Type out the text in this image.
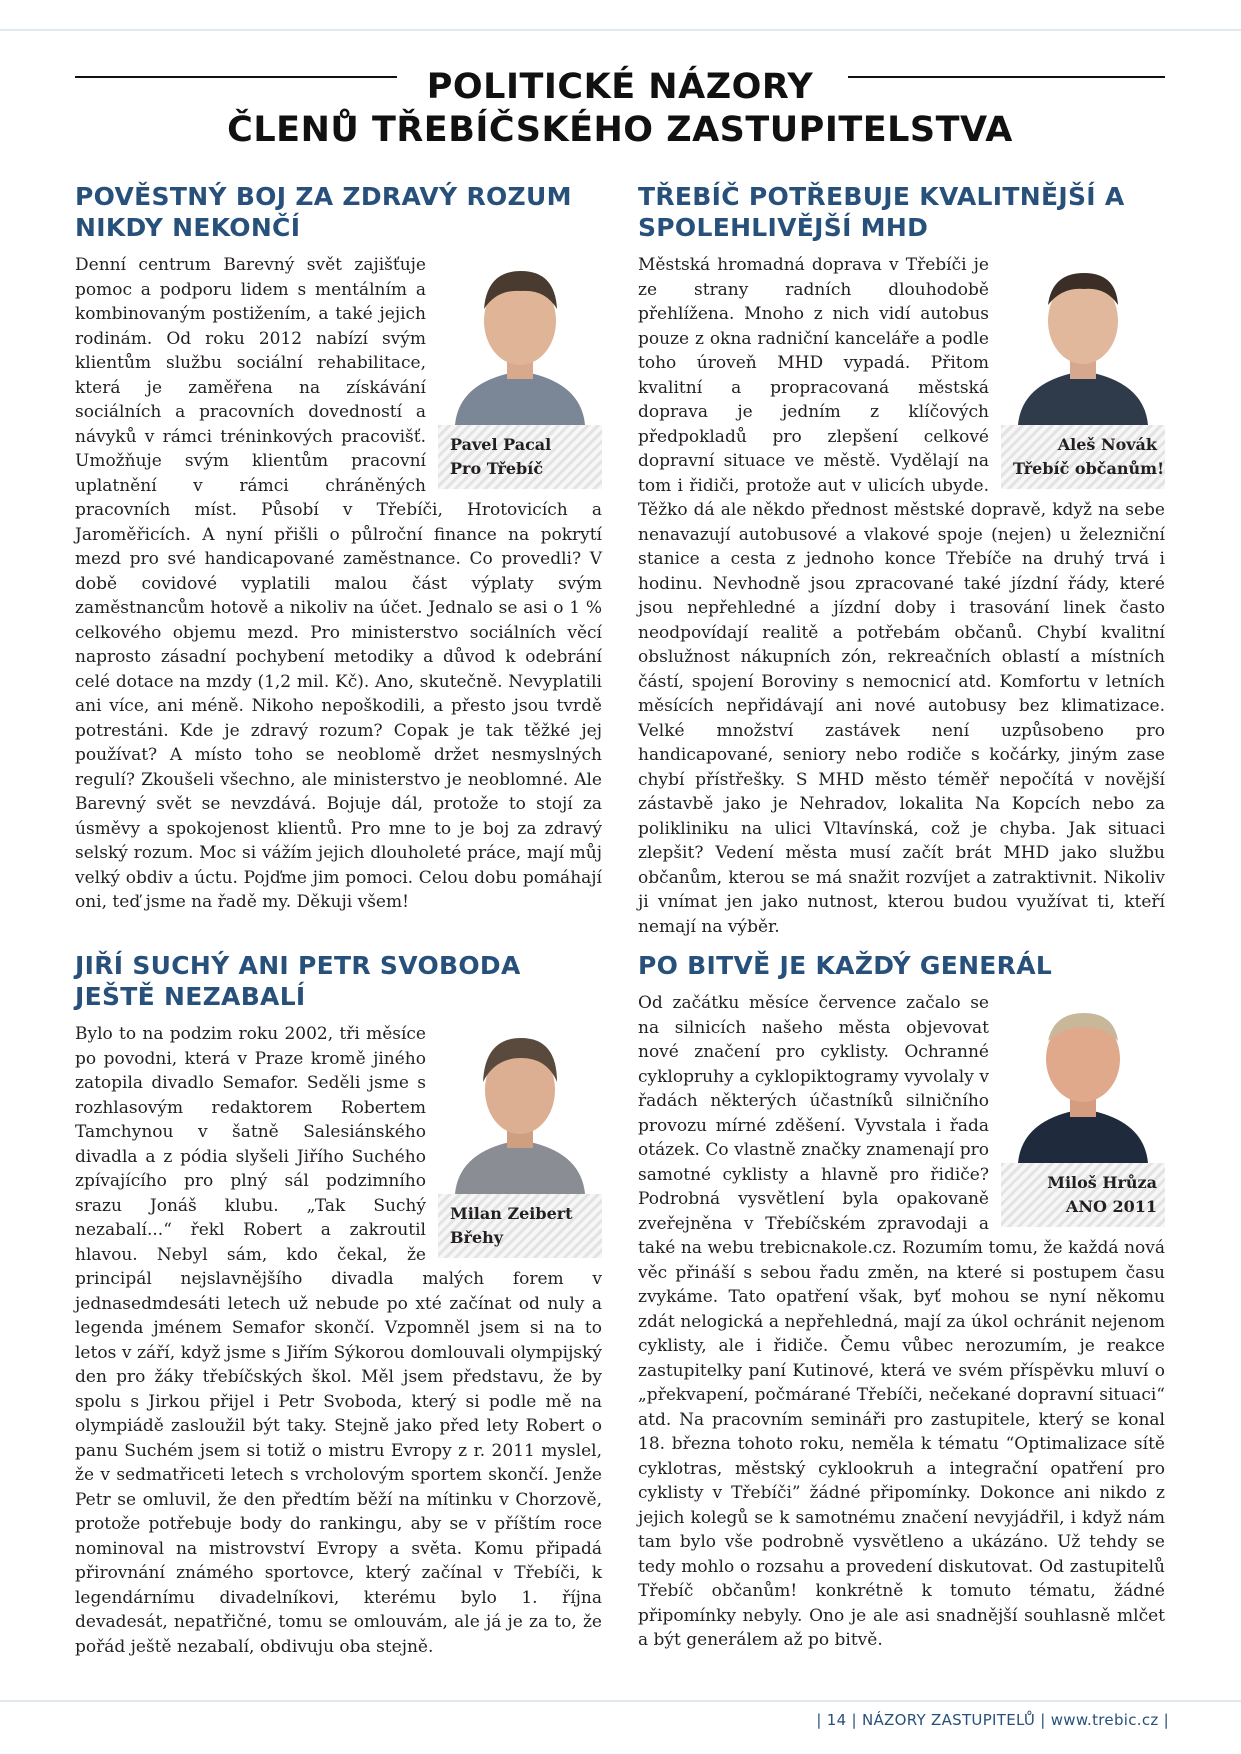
POLITICKÉ NÁZORY
ČLENŮ TŘEBÍČSKÉHO ZASTUPITELSTVA
POVĚSTNÝ BOJ ZA ZDRAVÝ ROZUM NIKDY NEKONČÍ
Pavel Pacal
Pro Třebíč

Denní centrum Barevný svět zajišťuje pomoc a podporu lidem s mentálním a kombinovaným postižením, a také jejich rodinám. Od roku 2012 nabízí svým klientům službu sociální rehabilitace, která je zaměřena na získávání sociálních a pracovních dovedností a návyků v rámci tréninkových pracovišť. Umožňuje svým klientům pracovní uplatnění v rámci chráněných pracovních míst. Působí v Třebíči, Hrotovicích a Jaroměřicích. A nyní přišli o půlroční finance na pokrytí mezd pro své handicapované zaměstnance. Co provedli? V době covidové vyplatili malou část výplaty svým zaměstnancům hotově a nikoliv na účet. Jednalo se asi o 1 % celkového objemu mezd. Pro ministerstvo sociálních věcí naprosto zásadní pochybení metodiky a důvod k odebrání celé dotace na mzdy (1,2 mil. Kč). Ano, skutečně. Nevyplatili ani více, ani méně. Nikoho nepoškodili, a přesto jsou tvrdě potrestáni. Kde je zdravý rozum? Copak je tak těžké jej používat? A místo toho se neoblomě držet nesmyslných regulí? Zkoušeli všechno, ale ministerstvo je neoblomné. Ale Barevný svět se nevzdává. Bojuje dál, protože to stojí za úsměvy a spokojenost klientů. Pro mne to je boj za zdravý selský rozum. Moc si vážím jejich dlouholeté práce, mají můj velký obdiv a úctu. Pojďme jim pomoci. Celou dobu pomáhají oni, teď jsme na řadě my. Děkuji všem!

TŘEBÍČ POTŘEBUJE KVALITNĚJŠÍ A SPOLEHLIVĚJŠÍ MHD
Aleš Novák
Třebíč občanům!

Městská hromadná doprava v Třebíči je ze strany radních dlouhodobě přehlížena. Mnoho z nich vidí autobus pouze z okna radniční kanceláře a podle toho úroveň MHD vypadá. Přitom kvalitní a propracovaná městská doprava je jedním z klíčových předpokladů pro zlepšení celkové dopravní situace ve městě. Vydělají na tom i řidiči, protože aut v ulicích ubyde. Těžko dá ale někdo přednost městské dopravě, když na sebe nenavazují autobusové a vlakové spoje (nejen) u železniční stanice a cesta z jednoho konce Třebíče na druhý trvá i hodinu. Nevhodně jsou zpracované také jízdní řády, které jsou nepřehledné a jízdní doby i trasování linek často neodpovídají realitě a potřebám občanů. Chybí kvalitní obslužnost nákupních zón, rekreačních oblastí a místních částí, spojení Boroviny s nemocnicí atd. Komfortu v letních měsících nepřidávají ani nové autobusy bez klimatizace. Velké množství zastávek není uzpůsobeno pro handicapované, seniory nebo rodiče s kočárky, jiným zase chybí přístřešky. S MHD město téměř nepočítá v novější zástavbě jako je Nehradov, lokalita Na Kopcích nebo za polikliniku na ulici Vltavínská, což je chyba. Jak situaci zlepšit? Vedení města musí začít brát MHD jako službu občanům, kterou se má snažit rozvíjet a zatraktivnit. Nikoliv ji vnímat jen jako nutnost, kterou budou využívat ti, kteří nemají na výběr.

JIŘÍ SUCHÝ ANI PETR SVOBODA JEŠTĚ NEZABALÍ
Milan Zeibert
Břehy

Bylo to na podzim roku 2002, tři měsíce po povodni, která v Praze kromě jiného zatopila divadlo Semafor. Seděli jsme s rozhlasovým redaktorem Robertem Tamchynou v šatně Salesiánského divadla a z pódia slyšeli Jiřího Suchého zpívajícího pro plný sál podzimního srazu Jonáš klubu. „Tak Suchý nezabalí...“ řekl Robert a zakroutil hlavou. Nebyl sám, kdo čekal, že principál nejslavnějšího divadla malých forem v jednasedmdesáti letech už nebude po xté začínat od nuly a legenda jménem Semafor skončí. Vzpomněl jsem si na to letos v září, když jsme s Jiřím Sýkorou domlouvali olympijský den pro žáky třebíčských škol. Měl jsem představu, že by spolu s Jirkou přijel i Petr Svoboda, který si podle mě na olympiádě zasloužil být taky. Stejně jako před lety Robert o panu Suchém jsem si totiž o mistru Evropy z r. 2011 myslel, že v sedmatřiceti letech s vrcholovým sportem skončí. Jenže Petr se omluvil, že den předtím běží na mítinku v Chorzově, protože potřebuje body do rankingu, aby se v příštím roce nominoval na mistrovství Evropy a světa. Komu připadá přirovnání známého sportovce, který začínal v Třebíči, k legendárnímu divadelníkovi, kterému bylo 1. října devadesát, nepatřičné, tomu se omlouvám, ale já je za to, že pořád ještě nezabalí, obdivuju oba stejně.

PO BITVĚ JE KAŽDÝ GENERÁL
Miloš Hrůza
ANO 2011

Od začátku měsíce července začalo se na silnicích našeho města objevovat nové značení pro cyklisty. Ochranné cyklopruhy a cyklopiktogramy vyvolaly v řadách některých účastníků silničního provozu mírné zděšení. Vyvstala i řada otázek. Co vlastně značky znamenají pro samotné cyklisty a hlavně pro řidiče? Podrobná vysvětlení byla opakovaně zveřejněna v Třebíčském zpravodaji a také na webu trebicnakole.cz. Rozumím tomu, že každá nová věc přináší s sebou řadu změn, na které si postupem času zvykáme. Tato opatření však, byť mohou se nyní někomu zdát nelogická a nepřehledná, mají za úkol ochránit nejenom cyklisty, ale i řidiče. Čemu vůbec nerozumím, je reakce zastupitelky paní Kutinové, která ve svém příspěvku mluví o „překvapení, počmárané Třebíči, nečekané dopravní situaci“ atd. Na pracovním semináři pro zastupitele, který se konal 18. března tohoto roku, neměla k tématu “Optimalizace sítě cyklotras, městský cyklookruh a integrační opatření pro cyklisty v Třebíči” žádné připomínky. Dokonce ani nikdo z jejich kolegů se k samotnému značení nevyjádřil, i když nám tam bylo vše podrobně vysvětleno a ukázáno. Už tehdy se tedy mohlo o rozsahu a provedení diskutovat. Od zastupitelů Třebíč občanům! konkrétně k tomuto tématu, žádné připomínky nebyly. Ono je ale asi snadnější souhlasně mlčet a být generálem až po bitvě.

| 14 | NÁZORY ZASTUPITELŮ | www.trebic.cz |
